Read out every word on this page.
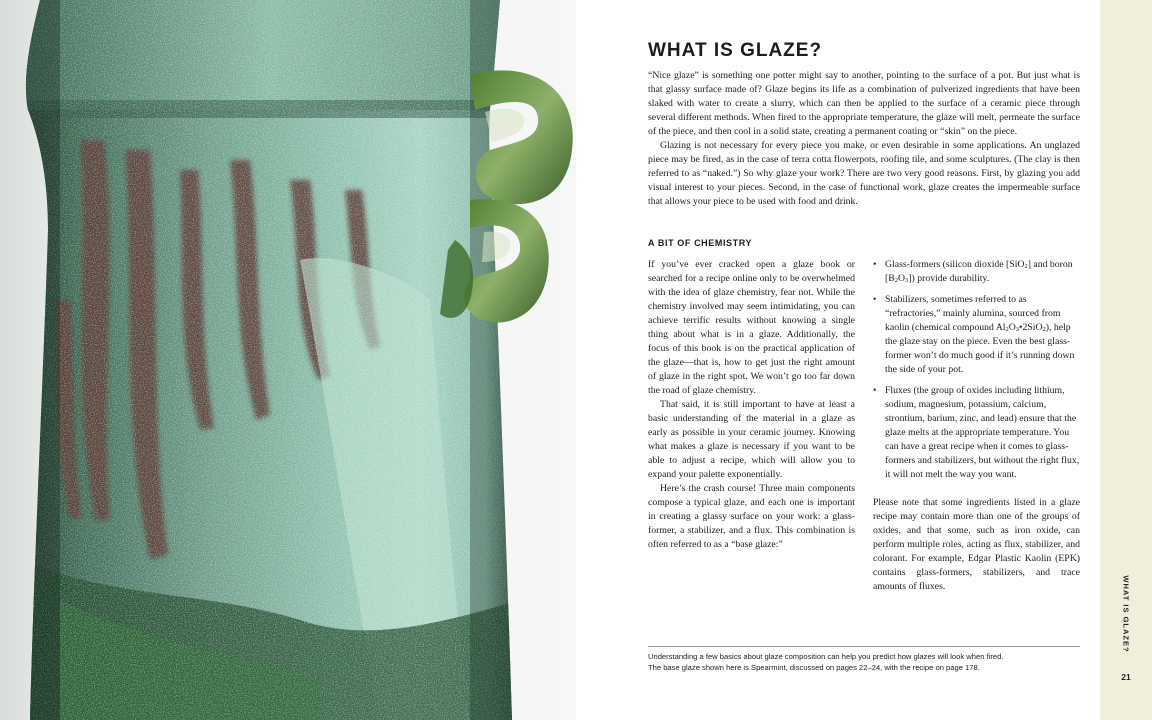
WHAT IS GLAZE?
21
WHAT IS GLAZE?

“Nice glaze” is something one potter might say to another, pointing to the surface of a pot. But just what is that glassy surface made of? Glaze begins its life as a combination of pulverized ingredients that have been slaked with water to create a slurry, which can then be applied to the surface of a ceramic piece through several different methods. When fired to the appropriate temperature, the glaze will melt, permeate the surface of the piece, and then cool in a solid state, creating a permanent coating or “skin” on the piece.

Glazing is not necessary for every piece you make, or even desirable in some applications. An unglazed piece may be fired, as in the case of terra cotta flowerpots, roofing tile, and some sculptures. (The clay is then referred to as “naked.”) So why glaze your work? There are two very good reasons. First, by glazing you add visual interest to your pieces. Second, in the case of functional work, glaze creates the impermeable surface that allows your piece to be used with food and drink.

A BIT OF CHEMISTRY

If you’ve ever cracked open a glaze book or searched for a recipe online only to be overwhelmed with the idea of glaze chemistry, fear not. While the chemistry involved may seem intimidating, you can achieve terrific results without knowing a single thing about what is in a glaze. Additionally, the focus of this book is on the practical application of the glaze—that is, how to get just the right amount of glaze in the right spot. We won’t go too far down the road of glaze chemistry.

That said, it is still important to have at least a basic understanding of the material in a glaze as early as possible in your ceramic journey. Knowing what makes a glaze is necessary if you want to be able to adjust a recipe, which will allow you to expand your palette exponentially.

Here’s the crash course! Three main components compose a typical glaze, and each one is important in creating a glassy surface on your work: a glass-former, a stabilizer, and a flux. This combination is often referred to as a “base glaze:”

• Glass-formers (silicon dioxide [SiO$_2$] and boron $[B_2O_3]$) provide durability.
• Stabilizers, sometimes referred to as “refractories,” mainly alumina, sourced from kaolin (chemical compound $Al_2O_3•2SiO_2$), help the glaze stay on the piece. Even the best glass-former won’t do much good if it’s running down the side of your pot.
• Fluxes (the group of oxides including lithium, sodium, magnesium, potassium, calcium, strontium, barium, zinc, and lead) ensure that the glaze melts at the appropriate temperature. You can have a great recipe when it comes to glass-formers and stabilizers, but without the right flux, it will not melt the way you want.

Please note that some ingredients listed in a glaze recipe may contain more than one of the groups of oxides, and that some, such as iron oxide, can perform multiple roles, acting as flux, stabilizer, and colorant. For example, Edgar Plastic Kaolin (EPK) contains glass-formers, stabilizers, and trace amounts of fluxes.

Understanding a few basics about glaze composition can help you predict how glazes will look when fired.
The base glaze shown here is Spearmint, discussed on pages 22–24, with the recipe on page 178.
